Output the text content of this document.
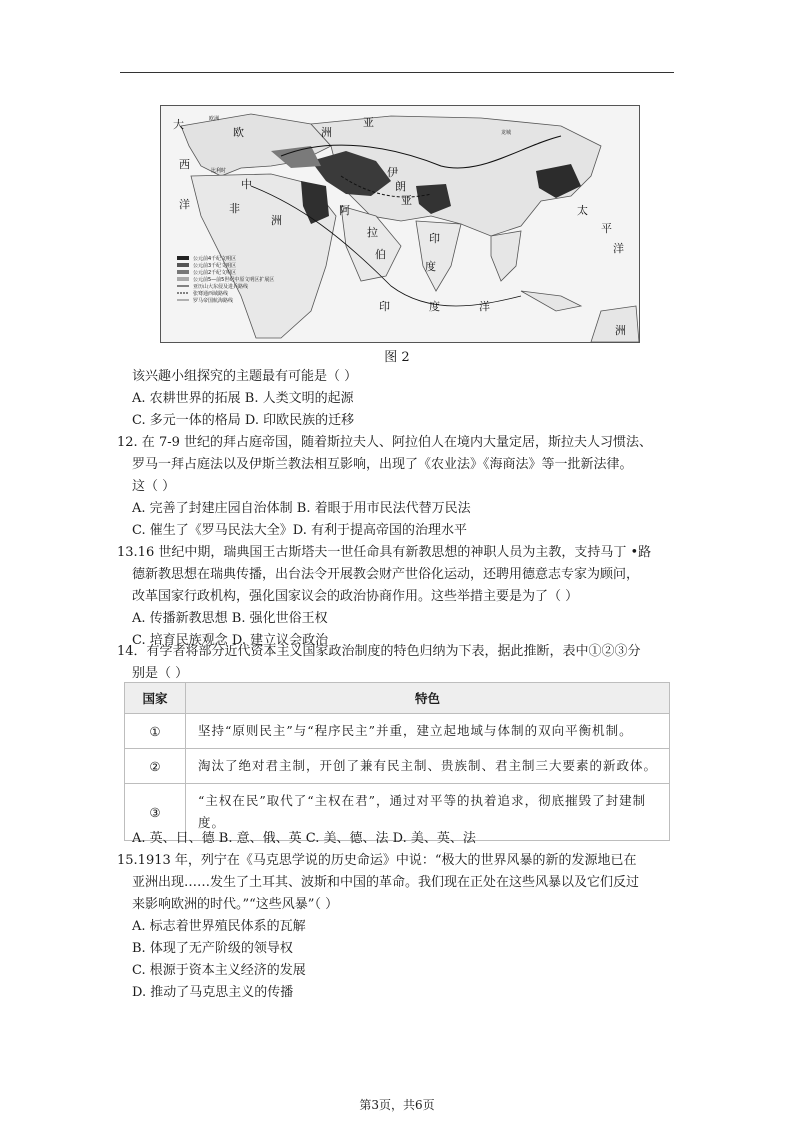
大
欧	洲
西
洋
中
亚
非
洲
阿
拉
伯
伊
朗
亚
印
度
印	度	洋
太
平
洋
洲
欧洲
比利时
龙城
公元前4千纪文明区
公元前3千纪文明区
公元前2千纪文明区
公元前5—前5世纪中原文明区扩展区
亚历山大东侵及进兵路线
张骞通西域路线
罗马帝国航海路线
图 2
该兴趣小组探究的主题最有可能是（ ）
A. 农耕世界的拓展 B. 人类文明的起源
C. 多元一体的格局 D. 印欧民族的迁移
12. 在 7-9 世纪的拜占庭帝国，随着斯拉夫人、阿拉伯人在境内大量定居，斯拉夫人习惯法、
罗马一拜占庭法以及伊斯兰教法相互影响，出现了《农业法》《海商法》等一批新法律。
这（ ）
A. 完善了封建庄园自治体制 B. 着眼于用市民法代替万民法
C. 催生了《罗马民法大全》D. 有利于提高帝国的治理水平
13.16 世纪中期，瑞典国王古斯塔夫一世任命具有新教思想的神职人员为主教，支持马丁 •路
德新教思想在瑞典传播，出台法令开展教会财产世俗化运动，还聘用德意志专家为顾问，
改革国家行政机构，强化国家议会的政治协商作用。这些举措主要是为了（ ）
A. 传播新教思想 B. 强化世俗王权
C. 培育民族观念 D. 建立议会政治
14．有学者将部分近代资本主义国家政治制度的特色归纳为下表，据此推断，表中①②③分
国家	特色
①	坚持“原则民主”与“程序民主”并重，建立起地域与体制的双向平衡机制。
②	淘汰了绝对君主制，开创了兼有民主制、贵族制、君主制三大要素的新政体。
③	“主权在民”取代了“主权在君”，通过对平等的执着追求，彻底摧毁了封建制度。
A. 英、日、德 B. 意、俄、英 C. 美、德、法 D. 美、英、法
15.1913 年，列宁在《马克思学说的历史命运》中说：“极大的世界风暴的新的发源地已在
亚洲出现……发生了土耳其、波斯和中国的革命。我们现在正处在这些风暴以及它们反过
来影响欧洲的时代。”“这些风暴”（ ）
A. 标志着世界殖民体系的瓦解
B. 体现了无产阶级的领导权
C. 根源于资本主义经济的发展
D. 推动了马克思主义的传播
第3页，共6页
别是（ ）
